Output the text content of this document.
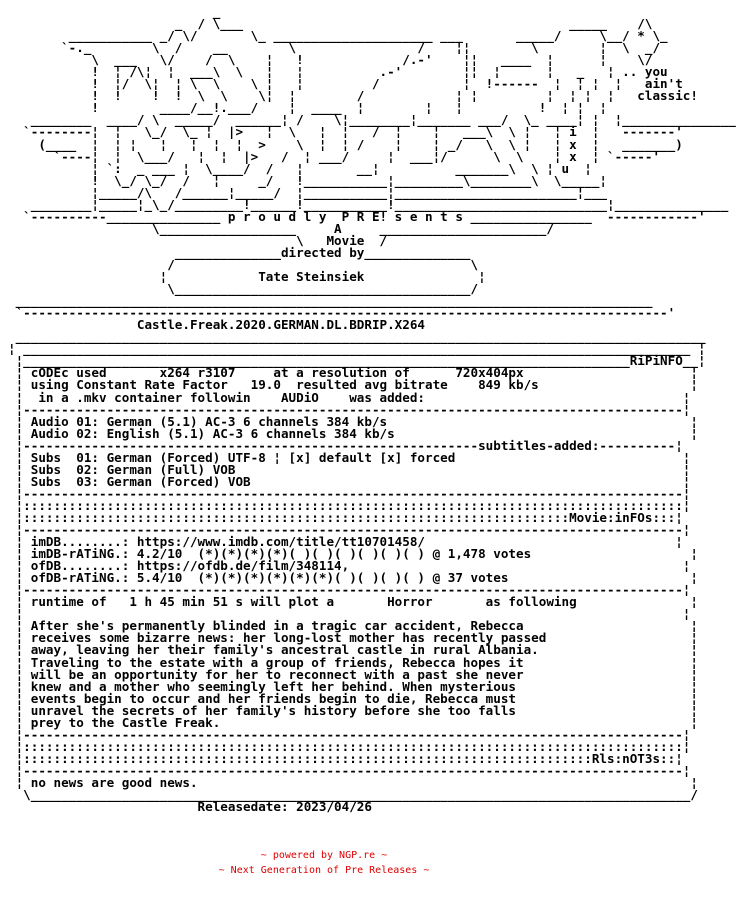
_
_  / \___                                           _____    /\
___________ _/ \/       \_ _____________________ ___       _____/     \__/ * \_
`-._        \  /    __        \                /    ¦¦        \        ¦  \  _/
\  ___   \/    /  \    ¦   !             /.-'    ¦¦   ____  ¦      ¦    \/
!  ¦ /\¦  ¦  ___\  \   ¦   ¦          .-'        ¦¦  ¦      ¦   _   ¦ .. you
!  ¦/  \¦  ¦ \  \    \ ¦   ¦         /           ¦  !------  ¦  ¦ ¦  ¦   ain't
!  !    !  !  \  \    \¦  ¦        /            ¦ ¦         ¦  ¦ ¦  ¦   classic!
!        ____/__!.___/    ¦  ____  ¦        ¦   ¦          !  ¦ ¦  ¦
________  ____/ \  _____/  ______¦ /    \¦________¦_______ ___/  \_ ____¦ ¦  ¦_______________
`--------¦  ¦   \_/  \_ ¦  |>   ¦  \   ¦  ¦   /  ¦    ¦   ___\  \ ¦   ¦ i  ¦   -------'
(____  ¦  ¦ ¦   ¦   ¦  ¦  ¦  >    \  ¦  ¦ /    ¦    ¦ _/   \  \ ¦   ¦ x  ¦   _______)
`----¦  ¦  \___/   ¦  ¦  |>   /  ¦ ___/     ¦  ___¦/      \  \    ¦ x  ¦ `-----'
¦ `:  _ ___ ¦  \____/  /   ¦       __¦          _______\  \ ¦ u  ¦
!  \_/ \_/  /   ¦     _/   !___________¦_________\________\  \_____¦
¦_____/\   /______¦_____/  ¦___________¦________________________¦___
________¦_____¦_\_/_________!______!___________!____________________________¦_______________
`----------_______________ p r o u d l y  P R E! s e n t s ________________  ------------'
\__________________     A     ______________________/
\   Movie  /
______________directed by______________
/                                       \
¦            Tate Steinsiek               ¦
\_______________________________________/
____________________________________________________________________________________
`-------------------------------------------------------------------------------------'
Castle.Freak.2020.GERMAN.DL.BDRIP.X264
___________________________________________________________________________________________
¦ ________________________________________________________________________________________ ¦
¦________________________________________________________________________________RiPiNFO__¦
¦ cODEc used       x264 r3107     at a resolution of      720x404px                      ¦
¦ using Constant Rate Factor   19.0  resulted avg bitrate    849 kb/s                    ¦
¦  in a .mkv container followin    AUDiO    was added:                                  ¦
¦---------------------------------------------------------------------------------------¦
¦ Audio 01: German (5.1) AC-3 6 channels 384 kb/s                                        ¦
¦ Audio 02: English (5.1) AC-3 6 channels 384 kb/s                                       ¦
¦------------------------------------------------------------subtitles-added:----------¦
¦ Subs  01: German (Forced) UTF-8 ¦ [x] default [x] forced                              ¦
¦ Subs  02: German (Full) VOB                                                           ¦
¦ Subs  03: German (Forced) VOB                                                         ¦
¦---------------------------------------------------------------------------------------¦
¦:::::::::::::::::::::::::::::::::::::::::::::::::::::::::::::::::::::::::::::::::::::::¦
¦::::::::::::::::::::::::::::::::::::::::::::::::::::::::::::::::::::::::Movie:inFOs:::¦
¦---------------------------------------------------------------------------------------¦
¦ imDB........: https://www.imdb.com/title/tt10701458/                                 ¦
¦ imDB-rATiNG.: 4.2/10  (*)(*)(*)(*)( )( )( )( )( )( ) @ 1,478 votes                     ¦
¦ ofDB........: https://ofdb.de/film/348114,                                            ¦
¦ ofDB-rATiNG.: 5.4/10  (*)(*)(*)(*)(*)(*)( )( )( )( ) @ 37 votes                        ¦
¦---------------------------------------------------------------------------------------¦
¦ runtime of   1 h 45 min 51 s will plot a       Horror       as following               ¦
¦                                                                                       ¦
¦ After she's permanently blinded in a tragic car accident, Rebecca                      ¦
¦ receives some bizarre news: her long-lost mother has recently passed                   ¦
¦ away, leaving her their family's ancestral castle in rural Albania.                    ¦
¦ Traveling to the estate with a group of friends, Rebecca hopes it                      ¦
¦ will be an opportunity for her to reconnect with a past she never                      ¦
¦ knew and a mother who seemingly left her behind. When mysterious                       ¦
¦ events begin to occur and her friends begin to die, Rebecca must                       ¦
¦ unravel the secrets of her family's history before she too falls                       ¦
¦ prey to the Castle Freak.                                                              ¦
¦---------------------------------------------------------------------------------------¦
¦:::::::::::::::::::::::::::::::::::::::::::::::::::::::::::::::::::::::::::::::::::::::¦
¦:::::::::::::::::::::::::::::::::::::::::::::::::::::::::::::::::::::::::::Rls:nOT3s::¦
¦---------------------------------------------------------------------------------------¦
¦ no news are good news.                                                                 ¦
\_______________________________________________________________________________________/
Releasedate: 2023/04/26
~ powered by NGP.re ~
~ Next Generation of Pre Releases ~
